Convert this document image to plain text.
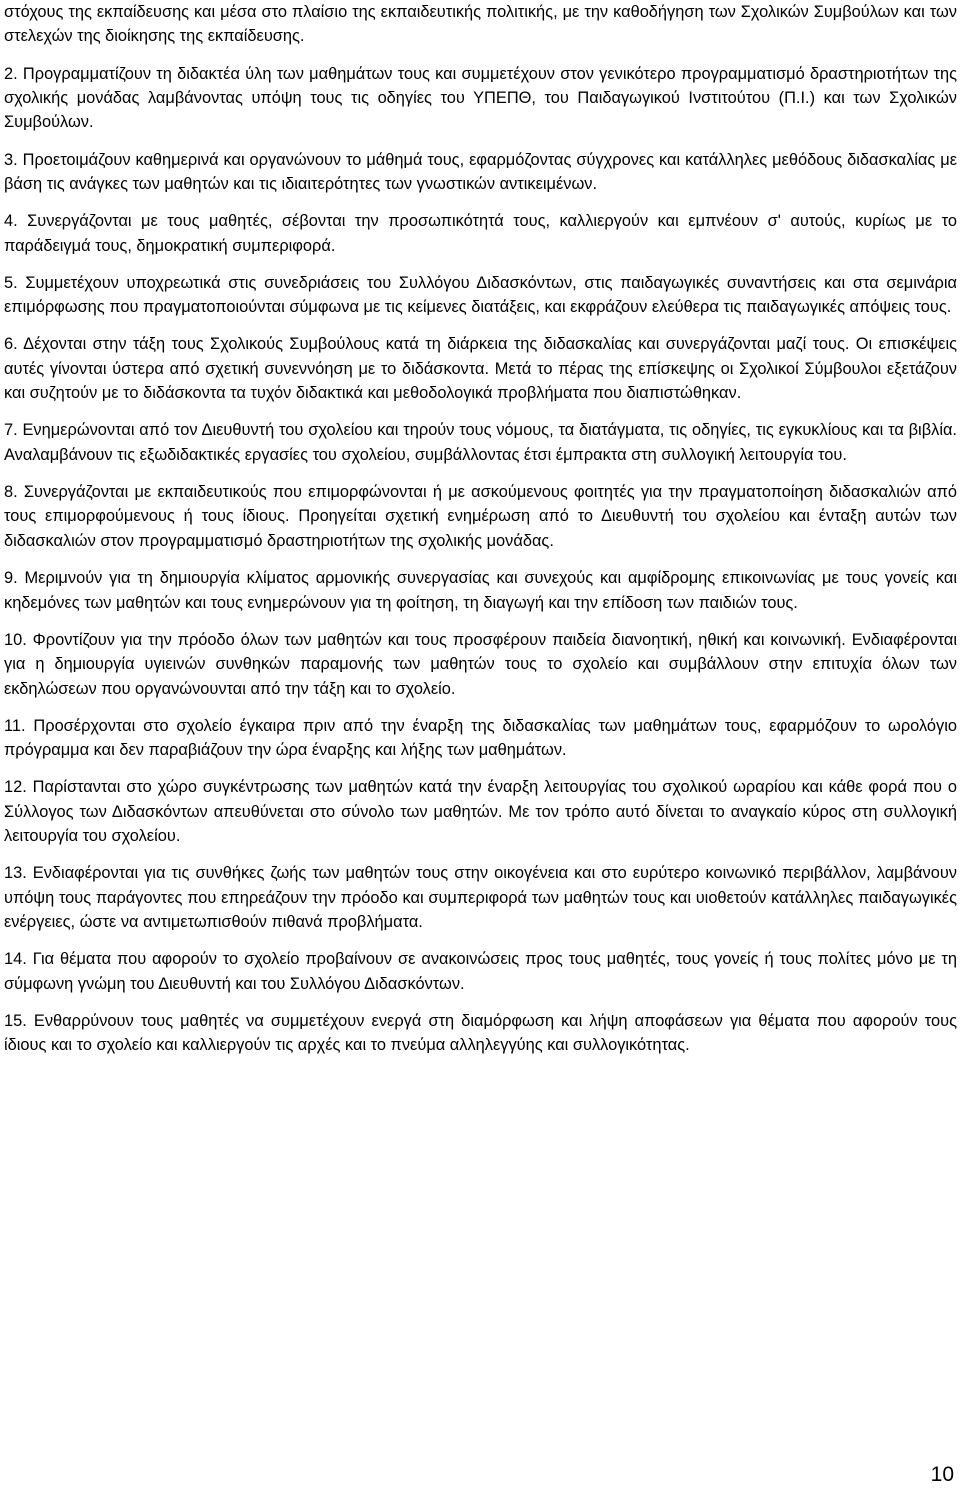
στόχους της εκπαίδευσης και μέσα στο πλαίσιο της εκπαιδευτικής πολιτικής, με την καθοδήγηση των Σχολικών Συμβούλων και των στελεχών της διοίκησης της εκπαίδευσης.

2. Προγραμματίζουν τη διδακτέα ύλη των μαθημάτων τους και συμμετέχουν στον γενικότερο προγραμματισμό δραστηριοτήτων της σχολικής μονάδας λαμβάνοντας υπόψη τους τις οδηγίες του ΥΠΕΠΘ, του Παιδαγωγικού Ινστιτούτου (Π.Ι.) και των Σχολικών Συμβούλων.

3. Προετοιμάζουν καθημερινά και οργανώνουν το μάθημά τους, εφαρμόζοντας σύγχρονες και κατάλληλες μεθόδους διδασκαλίας με βάση τις ανάγκες των μαθητών και τις ιδιαιτερότητες των γνωστικών αντικειμένων.

4. Συνεργάζονται με τους μαθητές, σέβονται την προσωπικότητά τους, καλλιεργούν και εμπνέουν σ' αυτούς, κυρίως με το παράδειγμά τους, δημοκρατική συμπεριφορά.

5. Συμμετέχουν υποχρεωτικά στις συνεδριάσεις του Συλλόγου Διδασκόντων, στις παιδαγωγικές συναντήσεις και στα σεμινάρια επιμόρφωσης που πραγματοποιούνται σύμφωνα με τις κείμενες διατάξεις, και εκφράζουν ελεύθερα τις παιδαγωγικές απόψεις τους.

6. Δέχονται στην τάξη τους Σχολικούς Συμβούλους κατά τη διάρκεια της διδασκαλίας και συνεργάζονται μαζί τους. Οι επισκέψεις αυτές γίνονται ύστερα από σχετική συνεννόηση με το διδάσκοντα. Μετά το πέρας της επίσκεψης οι Σχολικοί Σύμβουλοι εξετάζουν και συζητούν με το διδάσκοντα τα τυχόν διδακτικά και μεθοδολογικά προβλήματα που διαπιστώθηκαν.

7. Ενημερώνονται από τον Διευθυντή του σχολείου και τηρούν τους νόμους, τα διατάγματα, τις οδηγίες, τις εγκυκλίους και τα βιβλία. Αναλαμβάνουν τις εξωδιδακτικές εργασίες του σχολείου, συμβάλλοντας έτσι έμπρακτα στη συλλογική λειτουργία του.

8. Συνεργάζονται με εκπαιδευτικούς που επιμορφώνονται ή με ασκούμενους φοιτητές για την πραγματοποίηση διδασκαλιών από τους επιμορφούμενους ή τους ίδιους. Προηγείται σχετική ενημέρωση από το Διευθυντή του σχολείου και ένταξη αυτών των διδασκαλιών στον προγραμματισμό δραστηριοτήτων της σχολικής μονάδας.

9. Μεριμνούν για τη δημιουργία κλίματος αρμονικής συνεργασίας και συνεχούς και αμφίδρομης επικοινωνίας με τους γονείς και κηδεμόνες των μαθητών και τους ενημερώνουν για τη φοίτηση, τη διαγωγή και την επίδοση των παιδιών τους.

10. Φροντίζουν για την πρόοδο όλων των μαθητών και τους προσφέρουν παιδεία διανοητική, ηθική και κοινωνική. Ενδιαφέρονται για η δημιουργία υγιεινών συνθηκών παραμονής των μαθητών τους το σχολείο και συμβάλλουν στην επιτυχία όλων των εκδηλώσεων που οργανώνουνται από την τάξη και το σχολείο.

11. Προσέρχονται στο σχολείο έγκαιρα πριν από την έναρξη της διδασκαλίας των μαθημάτων τους, εφαρμόζουν το ωρολόγιο πρόγραμμα και δεν παραβιάζουν την ώρα έναρξης και λήξης των μαθημάτων.

12. Παρίστανται στο χώρο συγκέντρωσης των μαθητών κατά την έναρξη λειτουργίας του σχολικού ωραρίου και κάθε φορά που ο Σύλλογος των Διδασκόντων απευθύνεται στο σύνολο των μαθητών. Με τον τρόπο αυτό δίνεται το αναγκαίο κύρος στη συλλογική λειτουργία του σχολείου.

13. Ενδιαφέρονται για τις συνθήκες ζωής των μαθητών τους στην οικογένεια και στο ευρύτερο κοινωνικό περιβάλλον, λαμβάνουν υπόψη τους παράγοντες που επηρεάζουν την πρόοδο και συμπεριφορά των μαθητών τους και υιοθετούν κατάλληλες παιδαγωγικές ενέργειες, ώστε να αντιμετωπισθούν πιθανά προβλήματα.

14. Για θέματα που αφορούν το σχολείο προβαίνουν σε ανακοινώσεις προς τους μαθητές, τους γονείς ή τους πολίτες μόνο με τη σύμφωνη γνώμη του Διευθυντή και του Συλλόγου Διδασκόντων.

15. Ενθαρρύνουν τους μαθητές να συμμετέχουν ενεργά στη διαμόρφωση και λήψη αποφάσεων για θέματα που αφορούν τους ίδιους και το σχολείο και καλλιεργούν τις αρχές και το πνεύμα αλληλεγγύης και συλλογικότητας.

10
